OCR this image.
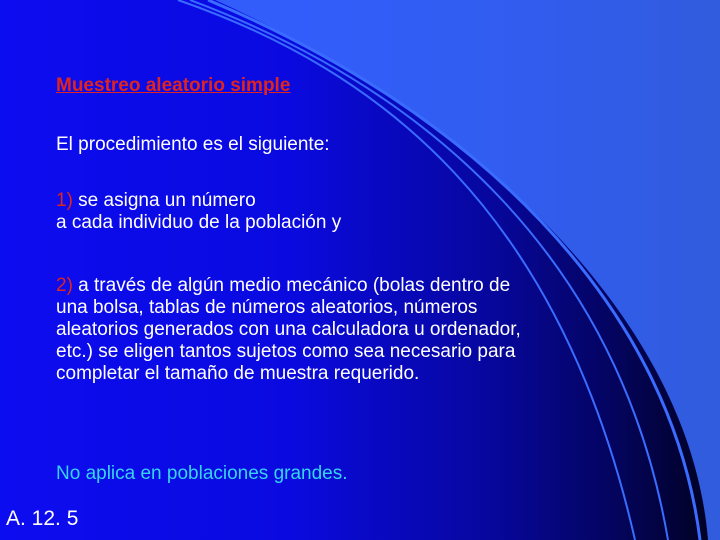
Muestreo aleatorio simple
El procedimiento es el siguiente:
1) se asigna un número
a cada individuo de la población y
2) a través de algún medio mecánico (bolas dentro de
una bolsa, tablas de números aleatorios, números
aleatorios generados con una calculadora u ordenador,
etc.) se eligen tantos sujetos como sea necesario para
completar el tamaño de muestra requerido.
No aplica en poblaciones grandes.
A. 12. 5
